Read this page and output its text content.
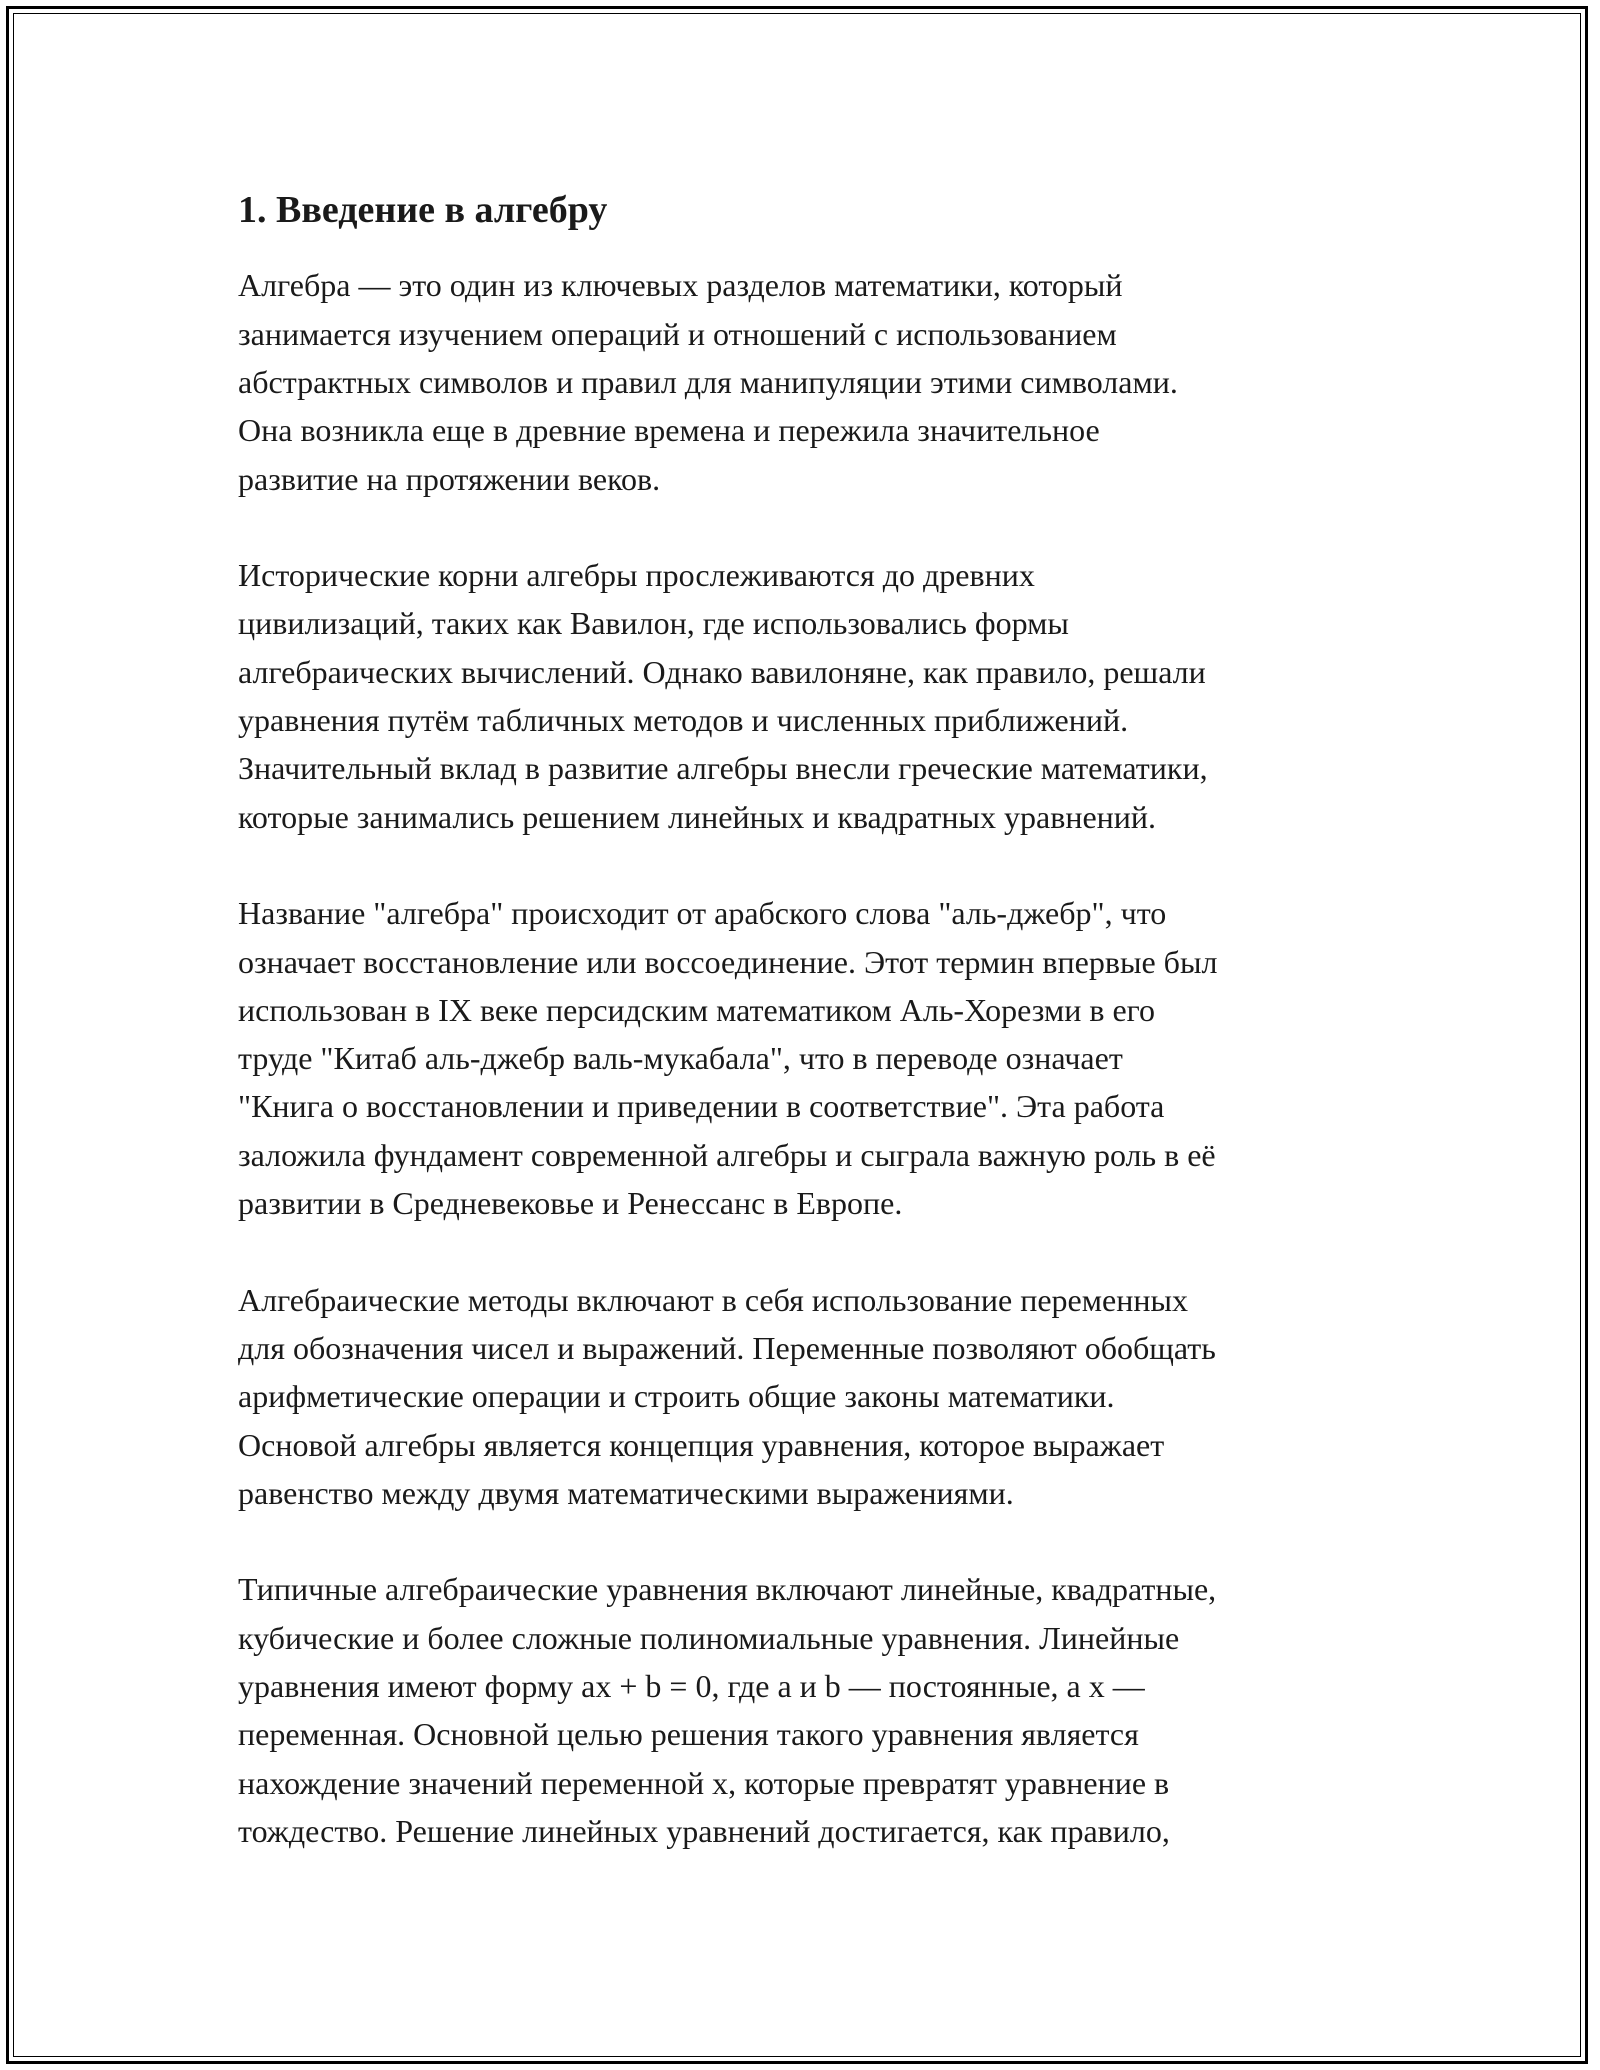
1. Введение в алгебру

Алгебра — это один из ключевых разделов математики, который
занимается изучением операций и отношений с использованием
абстрактных символов и правил для манипуляции этими символами.
Она возникла еще в древние времена и пережила значительное
развитие на протяжении веков.

Исторические корни алгебры прослеживаются до древних
цивилизаций, таких как Вавилон, где использовались формы
алгебраических вычислений. Однако вавилоняне, как правило, решали
уравнения путём табличных методов и численных приближений.
Значительный вклад в развитие алгебры внесли греческие математики,
которые занимались решением линейных и квадратных уравнений.

Название "алгебра" происходит от арабского слова "аль-джебр", что
означает восстановление или воссоединение. Этот термин впервые был
использован в IX веке персидским математиком Аль-Хорезми в его
труде "Китаб аль-джебр валь-мукабала", что в переводе означает
"Книга о восстановлении и приведении в соответствие". Эта работа
заложила фундамент современной алгебры и сыграла важную роль в её
развитии в Средневековье и Ренессанс в Европе.

Алгебраические методы включают в себя использование переменных
для обозначения чисел и выражений. Переменные позволяют обобщать
арифметические операции и строить общие законы математики.
Основой алгебры является концепция уравнения, которое выражает
равенство между двумя математическими выражениями.

Типичные алгебраические уравнения включают линейные, квадратные,
кубические и более сложные полиномиальные уравнения. Линейные
уравнения имеют форму ax + b = 0, где a и b — постоянные, а x —
переменная. Основной целью решения такого уравнения является
нахождение значений переменной x, которые превратят уравнение в
тождество. Решение линейных уравнений достигается, как правило,
